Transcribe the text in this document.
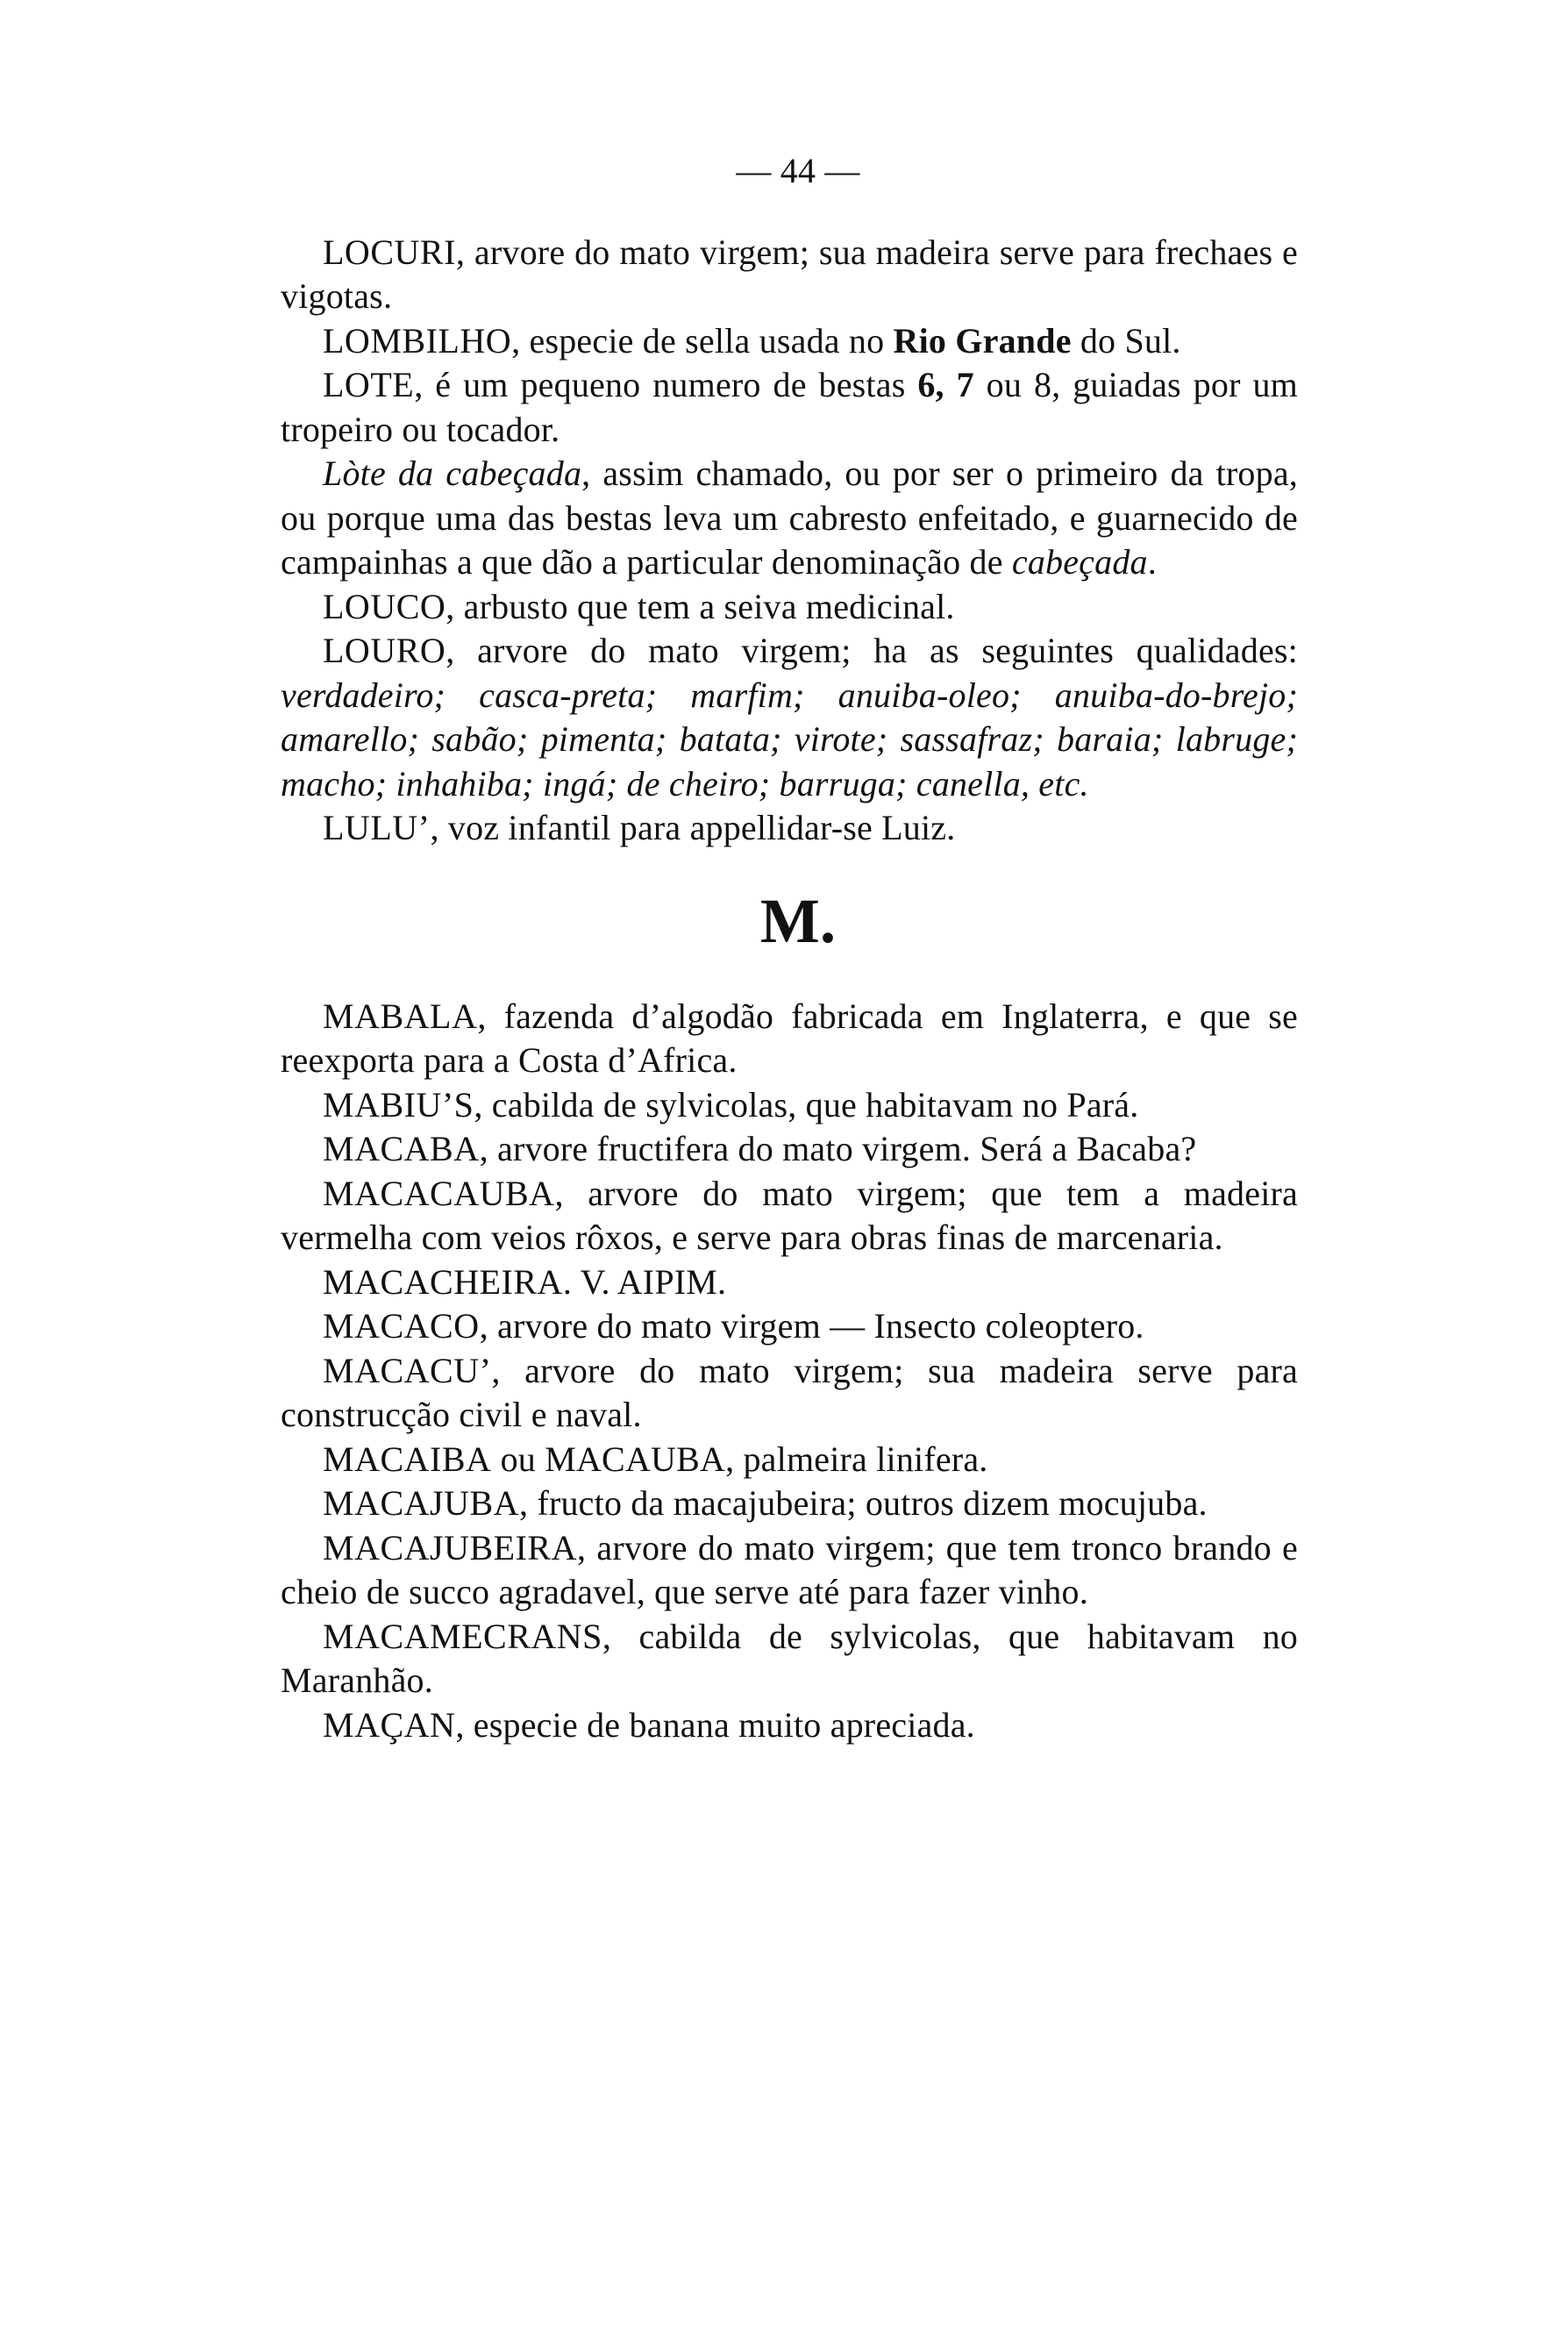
— 44 —

LOCURI, arvore do mato virgem; sua madeira serve para frechaes e vigotas.

LOMBILHO, especie de sella usada no Rio Grande do Sul.

LOTE, é um pequeno numero de bestas 6, 7 ou 8, guiadas por um tropeiro ou tocador.

Lòte da cabeçada, assim chamado, ou por ser o primeiro da tropa, ou porque uma das bestas leva um cabresto enfeitado, e guarnecido de campainhas a que dão a particular denominação de cabeçada.

LOUCO, arbusto que tem a seiva medicinal.

LOURO, arvore do mato virgem; ha as seguintes qualidades: verdadeiro; casca-preta; marfim; anuiba-oleo; anuiba-do-brejo; amarello; sabão; pimenta; batata; virote; sassafraz; baraia; labruge; macho; inhahiba; ingá; de cheiro; barruga; canella, etc.

LULU’, voz infantil para appellidar-se Luiz.

M.

MABALA, fazenda d’algodão fabricada em Inglaterra, e que se reexporta para a Costa d’Africa.

MABIU’S, cabilda de sylvicolas, que habitavam no Pará.

MACABA, arvore fructifera do mato virgem. Será a Bacaba?

MACACAUBA, arvore do mato virgem; que tem a madeira vermelha com veios rôxos, e serve para obras finas de marcenaria.

MACACHEIRA. V. AIPIM.

MACACO, arvore do mato virgem — Insecto coleoptero.

MACACU’, arvore do mato virgem; sua madeira serve para construcção civil e naval.

MACAIBA ou MACAUBA, palmeira linifera.

MACAJUBA, fructo da macajubeira; outros dizem mocujuba.

MACAJUBEIRA, arvore do mato virgem; que tem tronco brando e cheio de succo agradavel, que serve até para fazer vinho.

MACAMECRANS, cabilda de sylvicolas, que habitavam no Maranhão.

MAÇAN, especie de banana muito apreciada.
